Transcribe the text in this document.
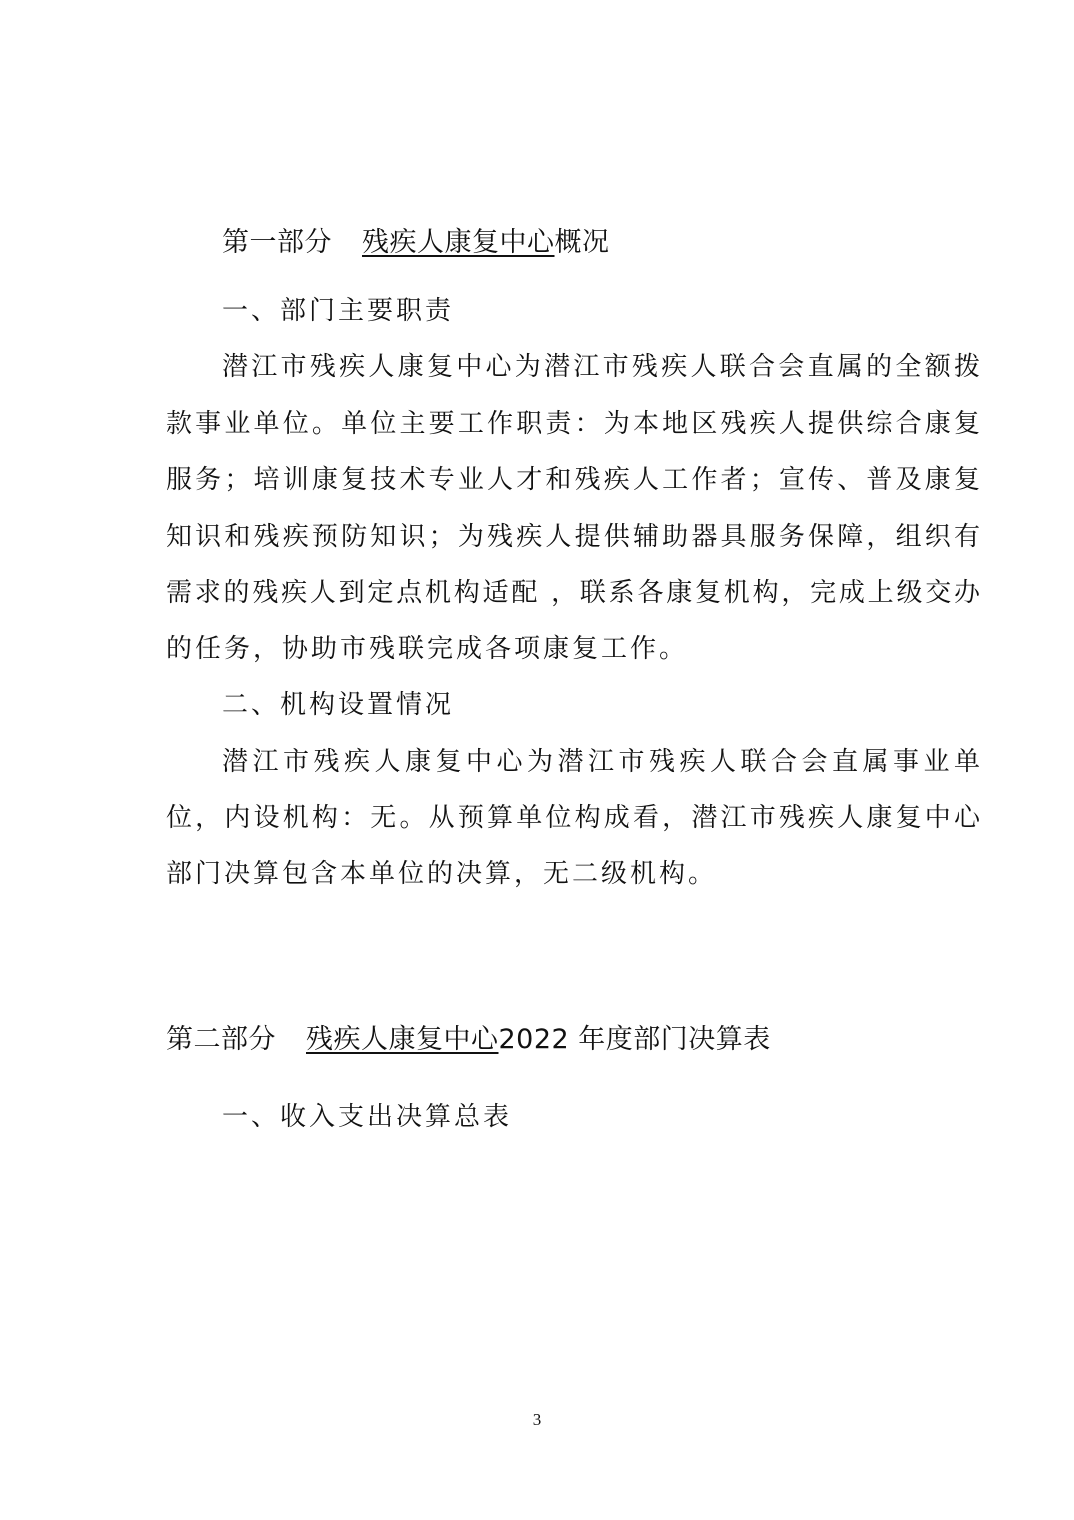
第一部分 残疾人康复中心概况
一、部门主要职责
潜江市残疾人康复中心为潜江市残疾人联合会直属的全额拨
款事业单位。单位主要工作职责：为本地区残疾人提供综合康复
服务；培训康复技术专业人才和残疾人工作者；宣传、普及康复
知识和残疾预防知识；为残疾人提供辅助器具服务保障，组织有
需求的残疾人到定点机构适配 ，联系各康复机构，完成上级交办
的任务，协助市残联完成各项康复工作。
二、机构设置情况
潜江市残疾人康复中心为潜江市残疾人联合会直属事业单
位，内设机构：无。从预算单位构成看，潜江市残疾人康复中心
部门决算包含本单位的决算，无二级机构。
第二部分 残疾人康复中心2022 年度部门决算表
一、收入支出决算总表
3
